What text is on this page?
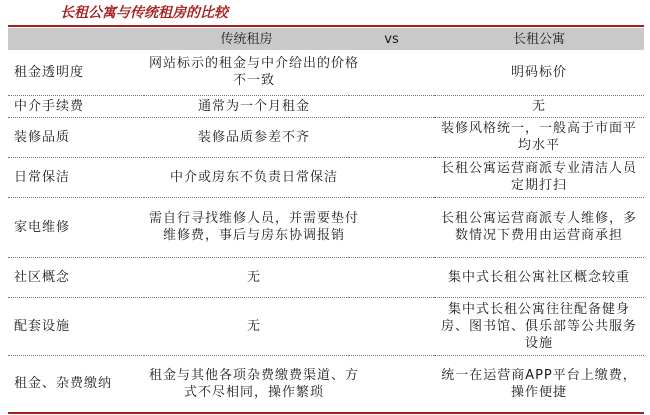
长租公寓与传统租房的比较
	传统租房	vs	长租公寓
租金透明度	网站标示的租金与中介给出的价格不一致		明码标价
中介手续费	通常为一个月租金		无
装修品质	装修品质参差不齐		装修风格统一，一般高于市面平均水平
日常保洁	中介或房东不负责日常保洁		长租公寓运营商派专业清洁人员定期打扫
家电维修	需自行寻找维修人员，并需要垫付维修费，事后与房东协调报销		长租公寓运营商派专人维修，多数情况下费用由运营商承担
社区概念	无		集中式长租公寓社区概念较重
配套设施	无		集中式长租公寓往往配备健身房、图书馆、俱乐部等公共服务设施
租金、杂费缴纳	租金与其他各项杂费缴费渠道、方式不尽相同，操作繁琐		统一在运营商APP平台上缴费，操作便捷
